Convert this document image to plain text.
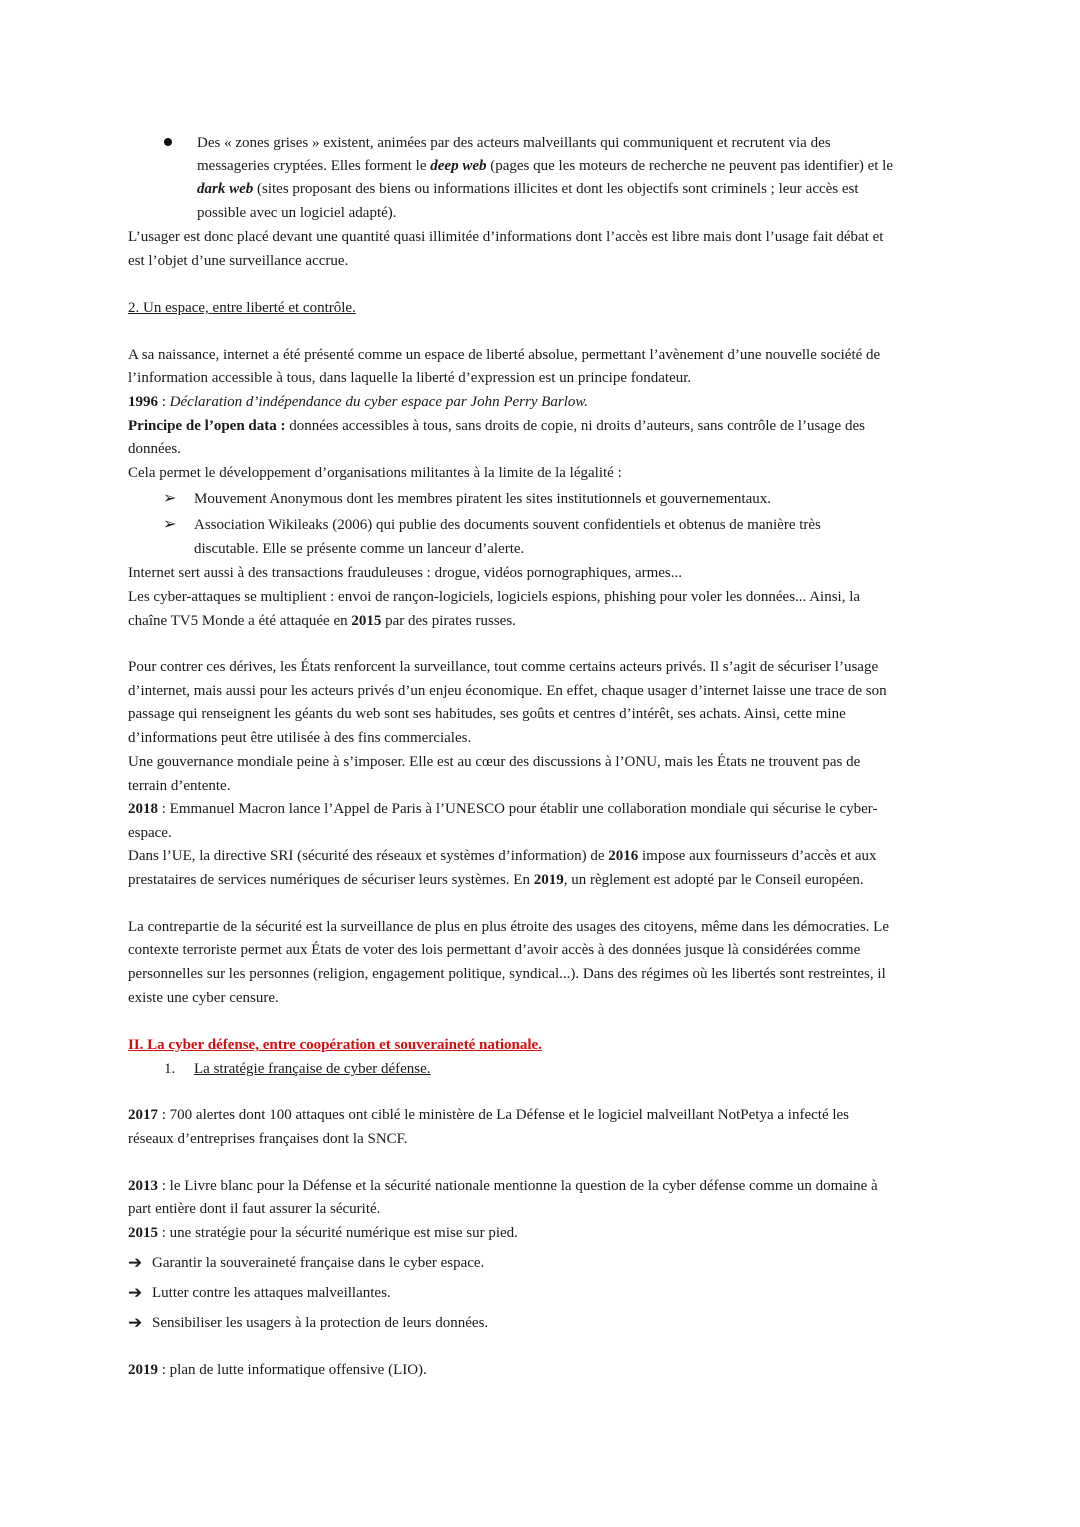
Des « zones grises » existent, animées par des acteurs malveillants qui communiquent et recrutent via des
messageries cryptées. Elles forment le deep web (pages que les moteurs de recherche ne peuvent pas identifier) et le
dark web (sites proposant des biens ou informations illicites et dont les objectifs sont criminels ; leur accès est
possible avec un logiciel adapté).
L’usager est donc placé devant une quantité quasi illimitée d’informations dont l’accès est libre mais dont l’usage fait débat et
est l’objet d’une surveillance accrue.
2. Un espace, entre liberté et contrôle.
A sa naissance, internet a été présenté comme un espace de liberté absolue, permettant l’avènement d’une nouvelle société de
l’information accessible à tous, dans laquelle la liberté d’expression est un principe fondateur.
1996 : Déclaration d’indépendance du cyber espace par John Perry Barlow.
Principe de l’open data : données accessibles à tous, sans droits de copie, ni droits d’auteurs, sans contrôle de l’usage des
données.
Cela permet le développement d’organisations militantes à la limite de la légalité :
➢ Mouvement Anonymous dont les membres piratent les sites institutionnels et gouvernementaux.
➢ Association Wikileaks (2006) qui publie des documents souvent confidentiels et obtenus de manière très
discutable. Elle se présente comme un lanceur d’alerte.
Internet sert aussi à des transactions frauduleuses : drogue, vidéos pornographiques, armes...
Les cyber-attaques se multiplient : envoi de rançon-logiciels, logiciels espions, phishing pour voler les données... Ainsi, la
chaîne TV5 Monde a été attaquée en 2015 par des pirates russes.
Pour contrer ces dérives, les États renforcent la surveillance, tout comme certains acteurs privés. Il s’agit de sécuriser l’usage
d’internet, mais aussi pour les acteurs privés d’un enjeu économique. En effet, chaque usager d’internet laisse une trace de son
passage qui renseignent les géants du web sont ses habitudes, ses goûts et centres d’intérêt, ses achats. Ainsi, cette mine
d’informations peut être utilisée à des fins commerciales.
Une gouvernance mondiale peine à s’imposer. Elle est au cœur des discussions à l’ONU, mais les États ne trouvent pas de
terrain d’entente.
2018 : Emmanuel Macron lance l’Appel de Paris à l’UNESCO pour établir une collaboration mondiale qui sécurise le cyber-
espace.
Dans l’UE, la directive SRI (sécurité des réseaux et systèmes d’information) de 2016 impose aux fournisseurs d’accès et aux
prestataires de services numériques de sécuriser leurs systèmes. En 2019, un règlement est adopté par le Conseil européen.
La contrepartie de la sécurité est la surveillance de plus en plus étroite des usages des citoyens, même dans les démocraties. Le
contexte terroriste permet aux États de voter des lois permettant d’avoir accès à des données jusque là considérées comme
personnelles sur les personnes (religion, engagement politique, syndical...). Dans des régimes où les libertés sont restreintes, il
existe une cyber censure.
II. La cyber défense, entre coopération et souveraineté nationale.
1. La stratégie française de cyber défense.
2017 : 700 alertes dont 100 attaques ont ciblé le ministère de La Défense et le logiciel malveillant NotPetya a infecté les
réseaux d’entreprises françaises dont la SNCF.
2013 : le Livre blanc pour la Défense et la sécurité nationale mentionne la question de la cyber défense comme un domaine à
part entière dont il faut assurer la sécurité.
2015 : une stratégie pour la sécurité numérique est mise sur pied.
➔ Garantir la souveraineté française dans le cyber espace.
➔ Lutter contre les attaques malveillantes.
➔ Sensibiliser les usagers à la protection de leurs données.
2019 : plan de lutte informatique offensive (LIO).
